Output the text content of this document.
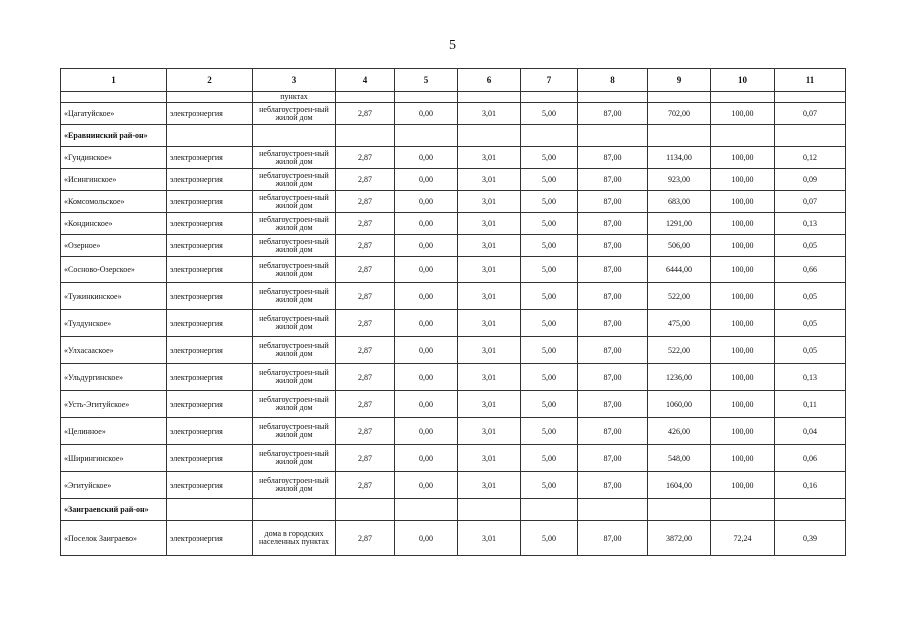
5
1	2	3	4	5	6	7	8	9	10	11
		пунктах								
«Цагатуйское»	электроэнергия	неблагоустроен-ный жилой дом	2,87	0,00	3,01	5,00	87,00	702,00	100,00	0,07
«Еравнинский рай-он»										
«Гундинское»	электроэнергия	неблагоустроен-ный жилой дом	2,87	0,00	3,01	5,00	87,00	1134,00	100,00	0,12
«Исингинское»	электроэнергия	неблагоустроен-ный жилой дом	2,87	0,00	3,01	5,00	87,00	923,00	100,00	0,09
«Комсомольское»	электроэнергия	неблагоустроен-ный жилой дом	2,87	0,00	3,01	5,00	87,00	683,00	100,00	0,07
«Кондинское»	электроэнергия	неблагоустроен-ный жилой дом	2,87	0,00	3,01	5,00	87,00	1291,00	100,00	0,13
«Озерное»	электроэнергия	неблагоустроен-ный жилой дом	2,87	0,00	3,01	5,00	87,00	506,00	100,00	0,05
«Сосново-Озерское»	электроэнергия	неблагоустроен-ный жилой дом	2,87	0,00	3,01	5,00	87,00	6444,00	100,00	0,66
«Тужинкинское»	электроэнергия	неблагоустроен-ный жилой дом	2,87	0,00	3,01	5,00	87,00	522,00	100,00	0,05
«Тулдунское»	электроэнергия	неблагоустроен-ный жилой дом	2,87	0,00	3,01	5,00	87,00	475,00	100,00	0,05
«Улхасаaское»	электроэнергия	неблагоустроен-ный жилой дом	2,87	0,00	3,01	5,00	87,00	522,00	100,00	0,05
«Ульдургинское»	электроэнергия	неблагоустроен-ный жилой дом	2,87	0,00	3,01	5,00	87,00	1236,00	100,00	0,13
«Усть-Эгитуйское»	электроэнергия	неблагоустроен-ный жилой дом	2,87	0,00	3,01	5,00	87,00	1060,00	100,00	0,11
«Целинное»	электроэнергия	неблагоустроен-ный жилой дом	2,87	0,00	3,01	5,00	87,00	426,00	100,00	0,04
«Ширингинское»	электроэнергия	неблагоустроен-ный жилой дом	2,87	0,00	3,01	5,00	87,00	548,00	100,00	0,06
«Эгитуйское»	электроэнергия	неблагоустроен-ный жилой дом	2,87	0,00	3,01	5,00	87,00	1604,00	100,00	0,16
«Заиграевский рай-он»										
«Поселок Заиграево»	электроэнергия	дома в городских населенных пунктах	2,87	0,00	3,01	5,00	87,00	3872,00	72,24	0,39
